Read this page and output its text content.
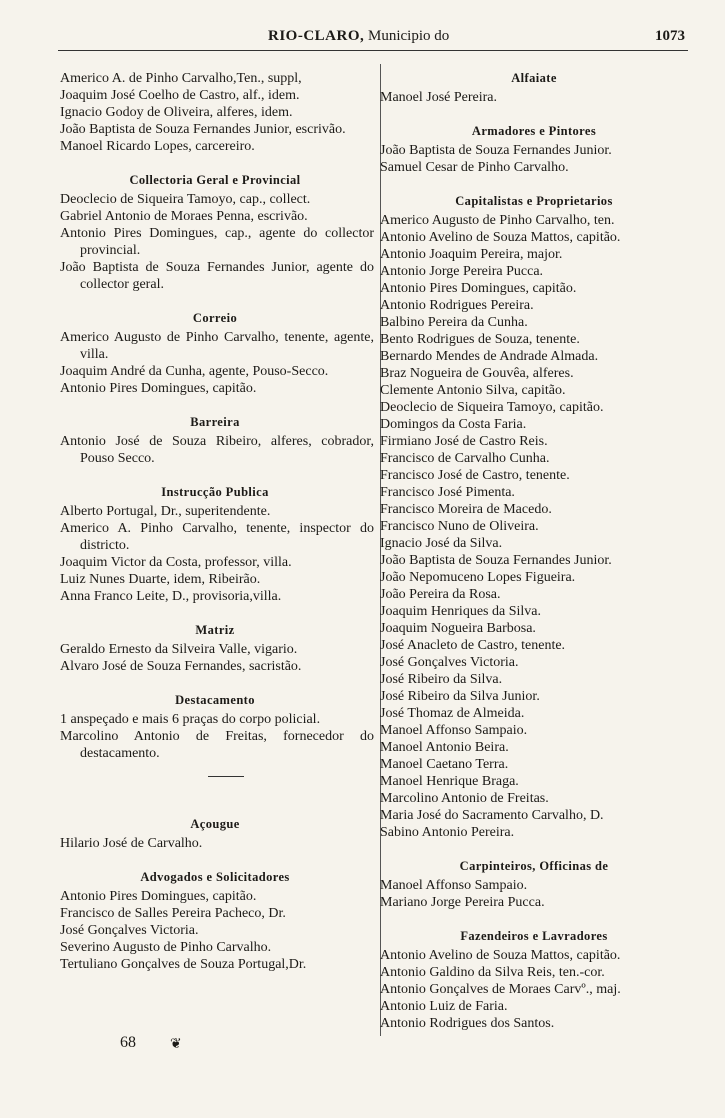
RIO-CLARO, Municipio do	1073
Americo A. de Pinho Carvalho,Ten., suppl,
Joaquim José Coelho de Castro, alf., idem.
Ignacio Godoy de Oliveira, alferes, idem.
João Baptista de Souza Fernandes Junior, escrivão.
Manoel Ricardo Lopes, carcereiro.
Collectoria Geral e Provincial
Deoclecio de Siqueira Tamoyo, cap., collect.
Gabriel Antonio de Moraes Penna, escrivão.
Antonio Pires Domingues, cap., agente do collector provincial.
João Baptista de Souza Fernandes Junior, agente do collector geral.
Correio
Americo Augusto de Pinho Carvalho, tenente, agente, villa.
Joaquim André da Cunha, agente, Pouso-Secco.
Antonio Pires Domingues, capitão.
Barreira
Antonio José de Souza Ribeiro, alferes, cobrador, Pouso Secco.
Instrucção Publica
Alberto Portugal, Dr., superitendente.
Americo A. Pinho Carvalho, tenente, inspector do districto.
Joaquim Victor da Costa, professor, villa.
Luiz Nunes Duarte, idem, Ribeirão.
Anna Franco Leite, D., provisoria,villa.
Matriz
Geraldo Ernesto da Silveira Valle, vigario.
Alvaro José de Souza Fernandes, sacristão.
Destacamento
1 anspeçado e mais 6 praças do corpo policial.
Marcolino Antonio de Freitas, fornecedor do destacamento.
Açougue
Hilario José de Carvalho.
Advogados e Solicitadores
Antonio Pires Domingues, capitão.
Francisco de Salles Pereira Pacheco, Dr.
José Gonçalves Victoria.
Severino Augusto de Pinho Carvalho.
Tertuliano Gonçalves de Souza Portugal,Dr.
Alfaiate
Manoel José Pereira.
Armadores e Pintores
João Baptista de Souza Fernandes Junior.
Samuel Cesar de Pinho Carvalho.
Capitalistas e Proprietarios
Americo Augusto de Pinho Carvalho, ten.
Antonio Avelino de Souza Mattos, capitão.
Antonio Joaquim Pereira, major.
Antonio Jorge Pereira Pucca.
Antonio Pires Domingues, capitão.
Antonio Rodrigues Pereira.
Balbino Pereira da Cunha.
Bento Rodrigues de Souza, tenente.
Bernardo Mendes de Andrade Almada.
Braz Nogueira de Gouvêa, alferes.
Clemente Antonio Silva, capitão.
Deoclecio de Siqueira Tamoyo, capitão.
Domingos da Costa Faria.
Firmiano José de Castro Reis.
Francisco de Carvalho Cunha.
Francisco José de Castro, tenente.
Francisco José Pimenta.
Francisco Moreira de Macedo.
Francisco Nuno de Oliveira.
Ignacio José da Silva.
João Baptista de Souza Fernandes Junior.
João Nepomuceno Lopes Figueira.
João Pereira da Rosa.
Joaquim Henriques da Silva.
Joaquim Nogueira Barbosa.
José Anacleto de Castro, tenente.
José Gonçalves Victoria.
José Ribeiro da Silva.
José Ribeiro da Silva Junior.
José Thomaz de Almeida.
Manoel Affonso Sampaio.
Manoel Antonio Beira.
Manoel Caetano Terra.
Manoel Henrique Braga.
Marcolino Antonio de Freitas.
Maria José do Sacramento Carvalho, D.
Sabino Antonio Pereira.
Carpinteiros, Officinas de
Manoel Affonso Sampaio.
Mariano Jorge Pereira Pucca.
Fazendeiros e Lavradores
Antonio Avelino de Souza Mattos, capitão.
Antonio Galdino da Silva Reis, ten.-cor.
Antonio Gonçalves de Moraes Carvº., maj.
Antonio Luiz de Faria.
Antonio Rodrigues dos Santos.
68 ❦
